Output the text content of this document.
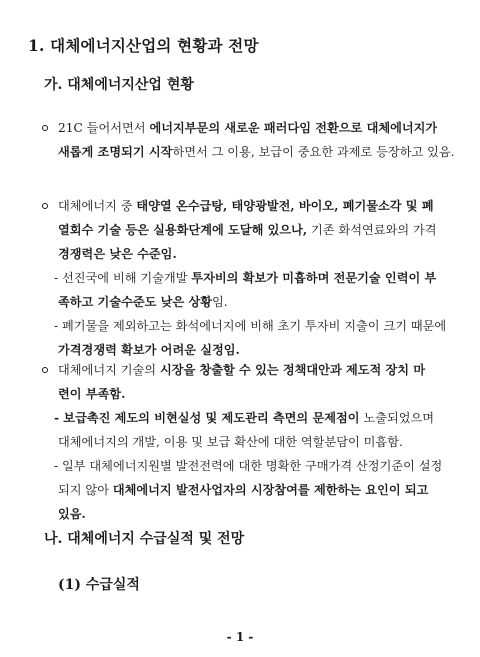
1. 대체에너지산업의 현황과 전망
가. 대체에너지산업 현황
21C 들어서면서 에너지부문의 새로운 패러다임 전환으로 대체에너지가
새롭게 조명되기 시작하면서 그 이용, 보급이 중요한 과제로 등장하고 있음.
대체에너지 중 태양열 온수급탕, 태양광발전, 바이오, 폐기물소각 및 폐
열회수 기술 등은 실용화단계에 도달해 있으나, 기존 화석연료와의 가격
경쟁력은 낮은 수준임.
- 선진국에 비해 기술개발 투자비의 확보가 미흡하며 전문기술 인력이 부
족하고 기술수준도 낮은 상황임.
- 폐기물을 제외하고는 화석에너지에 비해 초기 투자비 지출이 크기 때문에
가격경쟁력 확보가 어려운 실정임.
대체에너지 기술의 시장을 창출할 수 있는 정책대안과 제도적 장치 마
련이 부족함.
- 보급촉진 제도의 비현실성 및 제도관리 측면의 문제점이 노출되었으며
대체에너지의 개발, 이용 및 보급 확산에 대한 역할분담이 미흡함.
- 일부 대체에너지원별 발전전력에 대한 명확한 구매가격 산정기준이 설정
되지 않아 대체에너지 발전사업자의 시장참여를 제한하는 요인이 되고
있음.
나. 대체에너지 수급실적 및 전망
(1) 수급실적
- 1 -
